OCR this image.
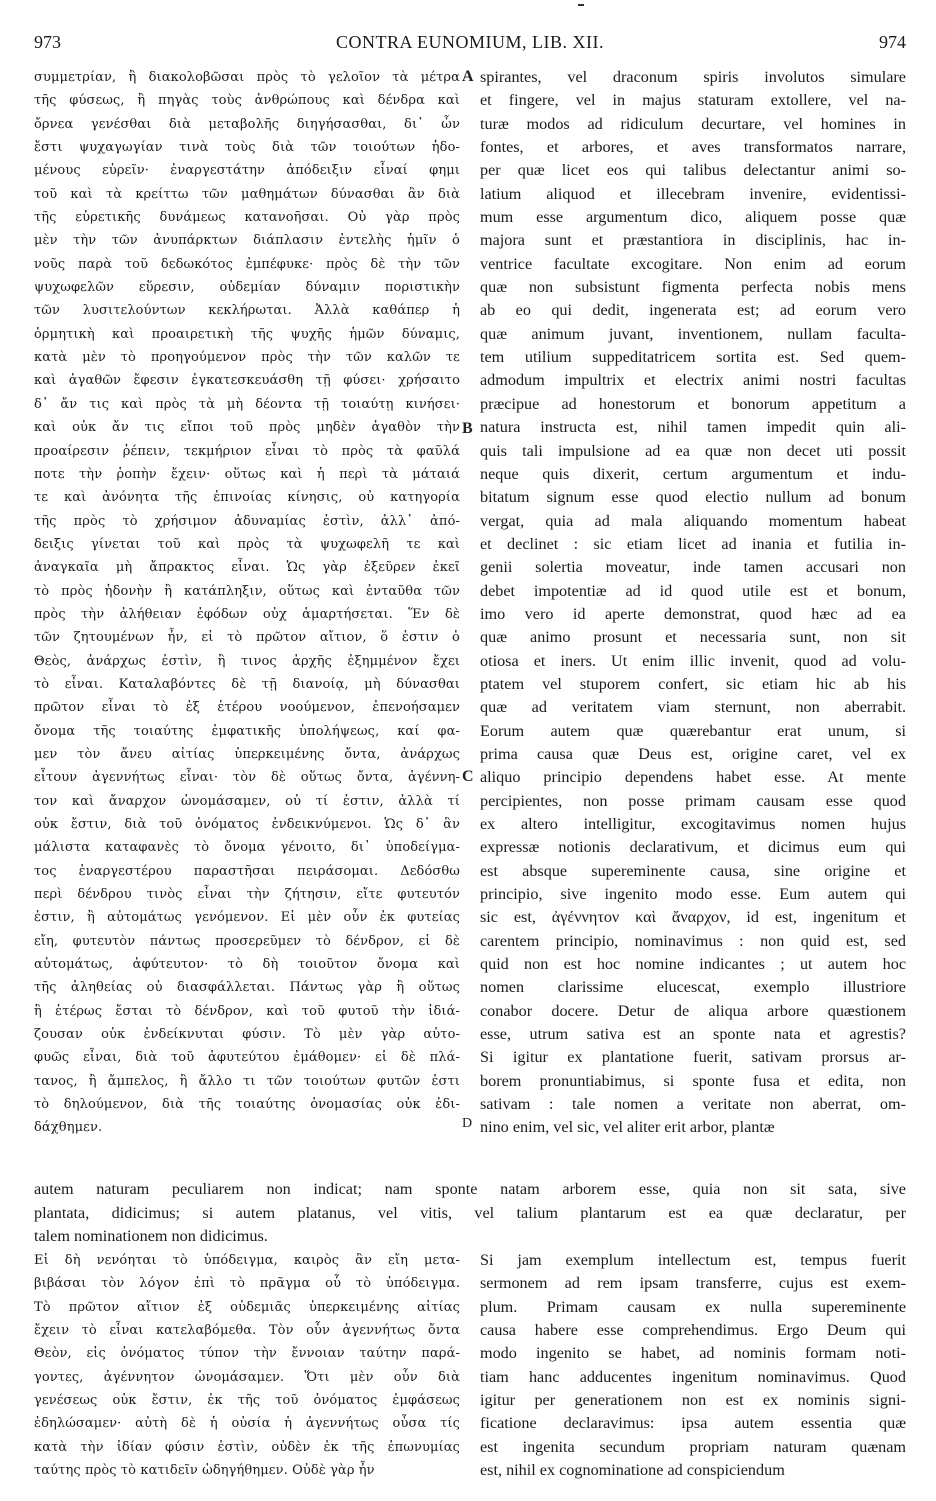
973	CONTRA EUNOMIUM, LIB. XII.	974
συμμετρίαν, ἢ διακολοβῶσαι πρὸς τὸ γελοῖον τὰ μέτρα
τῆς φύσεως, ἢ πηγὰς τοὺς ἀνθρώπους καὶ δένδρα καὶ
ὄρνεα γενέσθαι διὰ μεταβολῆς διηγήσασθαι, δι᾽ ὧν
ἔστι ψυχαγωγίαν τινὰ τοὺς διὰ τῶν τοιούτων ἡδο-
μένους εὑρεῖν· ἐναργεστάτην ἀπόδειξιν εἶναί φημι
τοῦ καὶ τὰ κρείττω τῶν μαθημάτων δύνασθαι ἂν διὰ
τῆς εὑρετικῆς δυνάμεως κατανοῆσαι. Οὐ γὰρ πρὸς
μὲν τὴν τῶν ἀνυπάρκτων διάπλασιν ἐντελὴς ἡμῖν ὁ
νοῦς παρὰ τοῦ δεδωκότος ἐμπέφυκε· πρὸς δὲ τὴν τῶν
ψυχωφελῶν εὕρεσιν, οὐδεμίαν δύναμιν ποριστικὴν
τῶν λυσιτελούντων κεκλήρωται. Ἀλλὰ καθάπερ ἡ
ὁρμητικὴ καὶ προαιρετικὴ τῆς ψυχῆς ἡμῶν δύναμις,
κατὰ μὲν τὸ προηγούμενον πρὸς τὴν τῶν καλῶν τε
καὶ ἀγαθῶν ἔφεσιν ἐγκατεσκευάσθη τῇ φύσει· χρήσαιτο
δ᾽ ἄν τις καὶ πρὸς τὰ μὴ δέοντα τῇ τοιαύτῃ κινήσει·
καὶ οὐκ ἄν τις εἴποι τοῦ πρὸς μηδὲν ἀγαθὸν τὴν
προαίρεσιν ῥέπειν, τεκμήριον εἶναι τὸ πρὸς τὰ φαῦλά
ποτε τὴν ῥοπὴν ἔχειν· οὕτως καὶ ἡ περὶ τὰ μάταιά
τε καὶ ἀνόνητα τῆς ἐπινοίας κίνησις, οὐ κατηγορία
τῆς πρὸς τὸ χρήσιμον ἀδυναμίας ἐστὶν, ἀλλ᾽ ἀπό-
δειξις γίνεται τοῦ καὶ πρὸς τὰ ψυχωφελῆ τε καὶ
ἀναγκαῖα μὴ ἄπρακτος εἶναι. Ὡς γὰρ ἐξεῦρεν ἐκεῖ
τὸ πρὸς ἡδονὴν ἢ κατάπληξιν, οὕτως καὶ ἐνταῦθα τῶν
πρὸς τὴν ἀλήθειαν ἐφόδων οὐχ ἁμαρτήσεται. Ἕν δὲ
τῶν ζητουμένων ἦν, εἰ τὸ πρῶτον αἴτιον, ὅ ἐστιν ὁ
Θεὸς, ἀνάρχως ἐστὶν, ἢ τινος ἀρχῆς ἐξημμένον ἔχει
τὸ εἶναι. Καταλαβόντες δὲ τῇ διανοίᾳ, μὴ δύνασθαι
πρῶτον εἶναι τὸ ἐξ ἑτέρου νοούμενον, ἐπενοήσαμεν
ὄνομα τῆς τοιαύτης ἐμφατικῆς ὑπολήψεως, καί φα-
μεν τὸν ἄνευ αἰτίας ὑπερκειμένης ὄντα, ἀνάρχως
εἶτουν ἀγεννήτως εἶναι· τὸν δὲ οὕτως ὄντα, ἀγέννη-
τον καὶ ἄναρχον ὠνομάσαμεν, οὐ τί ἐστιν, ἀλλὰ τί
οὐκ ἔστιν, διὰ τοῦ ὀνόματος ἐνδεικνύμενοι. Ὡς δ᾽ ἂν
μάλιστα καταφανὲς τὸ ὄνομα γένοιτο, δι᾽ ὑποδείγμα-
τος ἐναργεστέρου παραστῆσαι πειράσομαι. Δεδόσθω
περὶ δένδρου τινὸς εἶναι τὴν ζήτησιν, εἴτε φυτευτόν
ἐστιν, ἢ αὐτομάτως γενόμενον. Εἰ μὲν οὖν ἐκ φυτείας
εἴη, φυτευτὸν πάντως προσερεῦμεν τὸ δένδρον, εἰ δὲ
αὐτομάτως, ἀφύτευτον· τὸ δὴ τοιοῦτον ὄνομα καὶ
τῆς ἀληθείας οὐ διασφάλλεται. Πάντως γὰρ ἢ οὕτως
ἢ ἑτέρως ἔσται τὸ δένδρον, καὶ τοῦ φυτοῦ τὴν ἰδιά-
ζουσαν οὐκ ἐνδείκνυται φύσιν. Τὸ μὲν γὰρ αὐτο-
φυῶς εἶναι, διὰ τοῦ ἀφυτεύτου ἐμάθομεν· εἰ δὲ πλά-
τανος, ἢ ἄμπελος, ἢ ἄλλο τι τῶν τοιούτων φυτῶν ἐστι
τὸ δηλούμενον, διὰ τῆς τοιαύτης ὀνομασίας οὐκ ἐδι-
δάχθημεν.
spirantes, vel draconum spiris involutos simulare
et fingere, vel in majus staturam extollere, vel na-
turæ modos ad ridiculum decurtare, vel homines in
fontes, et arbores, et aves transformatos narrare,
per quæ licet eos qui talibus delectantur animi so-
latium aliquod et illecebram invenire, evidentissi-
mum esse argumentum dico, aliquem posse quæ
majora sunt et præstantiora in disciplinis, hac in-
ventrice facultate excogitare. Non enim ad eorum
quæ non subsistunt figmenta perfecta nobis mens
ab eo qui dedit, ingenerata est; ad eorum vero
quæ animum juvant, inventionem, nullam faculta-
tem utilium suppeditatricem sortita est. Sed quem-
admodum impultrix et electrix animi nostri facultas
præcipue ad honestorum et bonorum appetitum a
natura instructa est, nihil tamen impedit quin ali-
quis tali impulsione ad ea quæ non decet uti possit
neque quis dixerit, certum argumentum et indu-
bitatum signum esse quod electio nullum ad bonum
vergat, quia ad mala aliquando momentum habeat
et declinet : sic etiam licet ad inania et futilia in-
genii solertia moveatur, inde tamen accusari non
debet impotentiæ ad id quod utile est et bonum,
imo vero id aperte demonstrat, quod hæc ad ea
quæ animo prosunt et necessaria sunt, non sit
otiosa et iners. Ut enim illic invenit, quod ad volu-
ptatem vel stuporem confert, sic etiam hic ab his
quæ ad veritatem viam sternunt, non aberrabit.
Eorum autem quæ quærebantur erat unum, si
prima causa quæ Deus est, origine caret, vel ex
aliquo principio dependens habet esse. At mente
percipientes, non posse primam causam esse quod
ex altero intelligitur, excogitavimus nomen hujus
expressæ notionis declarativum, et dicimus eum qui
est absque supereminente causa, sine origine et
principio, sive ingenito modo esse. Eum autem qui
sic est, ἀγέννητον καὶ ἄναρχον, id est, ingenitum et
carentem principio, nominavimus : non quid est, sed
quid non est hoc nomine indicantes ; ut autem hoc
nomen clarissime elucescat, exemplo illustriore
conabor docere. Detur de aliqua arbore quæstionem
esse, utrum sativa est an sponte nata et agrestis?
Si igitur ex plantatione fuerit, sativam prorsus ar-
borem pronuntiabimus, si sponte fusa et edita, non
sativam : tale nomen a veritate non aberrat, om-
nino enim, vel sic, vel aliter erit arbor, plantæ
A
B
C
D
autem naturam peculiarem non indicat; nam sponte natam arborem esse, quia non sit sata, sive
plantata, didicimus; si autem platanus, vel vitis, vel talium plantarum est ea quæ declaratur, per
talem nominationem non didicimus.
Εἰ δὴ νενόηται τὸ ὑπόδειγμα, καιρὸς ἂν εἴη μετα-
βιβάσαι τὸν λόγον ἐπὶ τὸ πρᾶγμα οὗ τὸ ὑπόδειγμα.
Τὸ πρῶτον αἴτιον ἐξ οὐδεμιᾶς ὑπερκειμένης αἰτίας
ἔχειν τὸ εἶναι κατελαβόμεθα. Τὸν οὖν ἀγεννήτως ὄντα
Θεὸν, εἰς ὀνόματος τύπον τὴν ἔννοιαν ταύτην παρά-
γοντες, ἀγέννητον ὠνομάσαμεν. Ὅτι μὲν οὖν διὰ
γενέσεως οὐκ ἔστιν, ἐκ τῆς τοῦ ὀνόματος ἐμφάσεως
ἐδηλώσαμεν· αὐτὴ δὲ ἡ οὐσία ἡ ἀγεννήτως οὖσα τίς
κατὰ τὴν ἰδίαν φύσιν ἐστὶν, οὐδὲν ἐκ τῆς ἐπωνυμίας
ταύτης πρὸς τὸ κατιδεῖν ὡδηγήθημεν. Οὐδὲ γὰρ ἦν
Si jam exemplum intellectum est, tempus fuerit
sermonem ad rem ipsam transferre, cujus est exem-
plum. Primam causam ex nulla supereminente
causa habere esse comprehendimus. Ergo Deum qui
modo ingenito se habet, ad nominis formam noti-
tiam hanc adducentes ingenitum nominavimus. Quod
igitur per generationem non est ex nominis signi-
ficatione declaravimus: ipsa autem essentia quæ
est ingenita secundum propriam naturam quænam
est, nihil ex cognominatione ad conspiciendum
